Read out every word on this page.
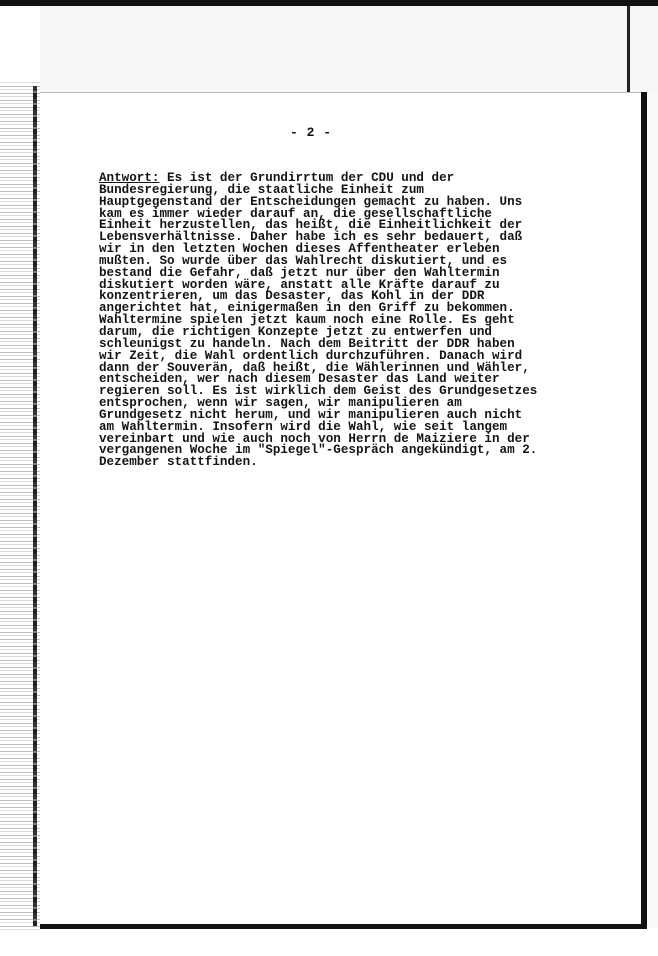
- 2 -
Antwort: Es ist der Grundirrtum der CDU und der
Bundesregierung, die staatliche Einheit zum
Hauptgegenstand der Entscheidungen gemacht zu haben. Uns
kam es immer wieder darauf an, die gesellschaftliche
Einheit herzustellen, das heißt, die Einheitlichkeit der
Lebensverhältnisse. Daher habe ich es sehr bedauert, daß
wir in den letzten Wochen dieses Affentheater erleben
mußten. So wurde über das Wahlrecht diskutiert, und es
bestand die Gefahr, daß jetzt nur über den Wahltermin
diskutiert worden wäre, anstatt alle Kräfte darauf zu
konzentrieren, um das Desaster, das Kohl in der DDR
angerichtet hat, einigermaßen in den Griff zu bekommen.
Wahltermine spielen jetzt kaum noch eine Rolle. Es geht
darum, die richtigen Konzepte jetzt zu entwerfen und
schleunigst zu handeln. Nach dem Beitritt der DDR haben
wir Zeit, die Wahl ordentlich durchzuführen. Danach wird
dann der Souverän, daß heißt, die Wählerinnen und Wähler,
entscheiden, wer nach diesem Desaster das Land weiter
regieren soll. Es ist wirklich dem Geist des Grundgesetzes
entsprochen, wenn wir sagen, wir manipulieren am
Grundgesetz nicht herum, und wir manipulieren auch nicht
am Wahltermin. Insofern wird die Wahl, wie seit langem
vereinbart und wie auch noch von Herrn de Maiziere in der
vergangenen Woche im "Spiegel"-Gespräch angekündigt, am 2.
Dezember stattfinden.
